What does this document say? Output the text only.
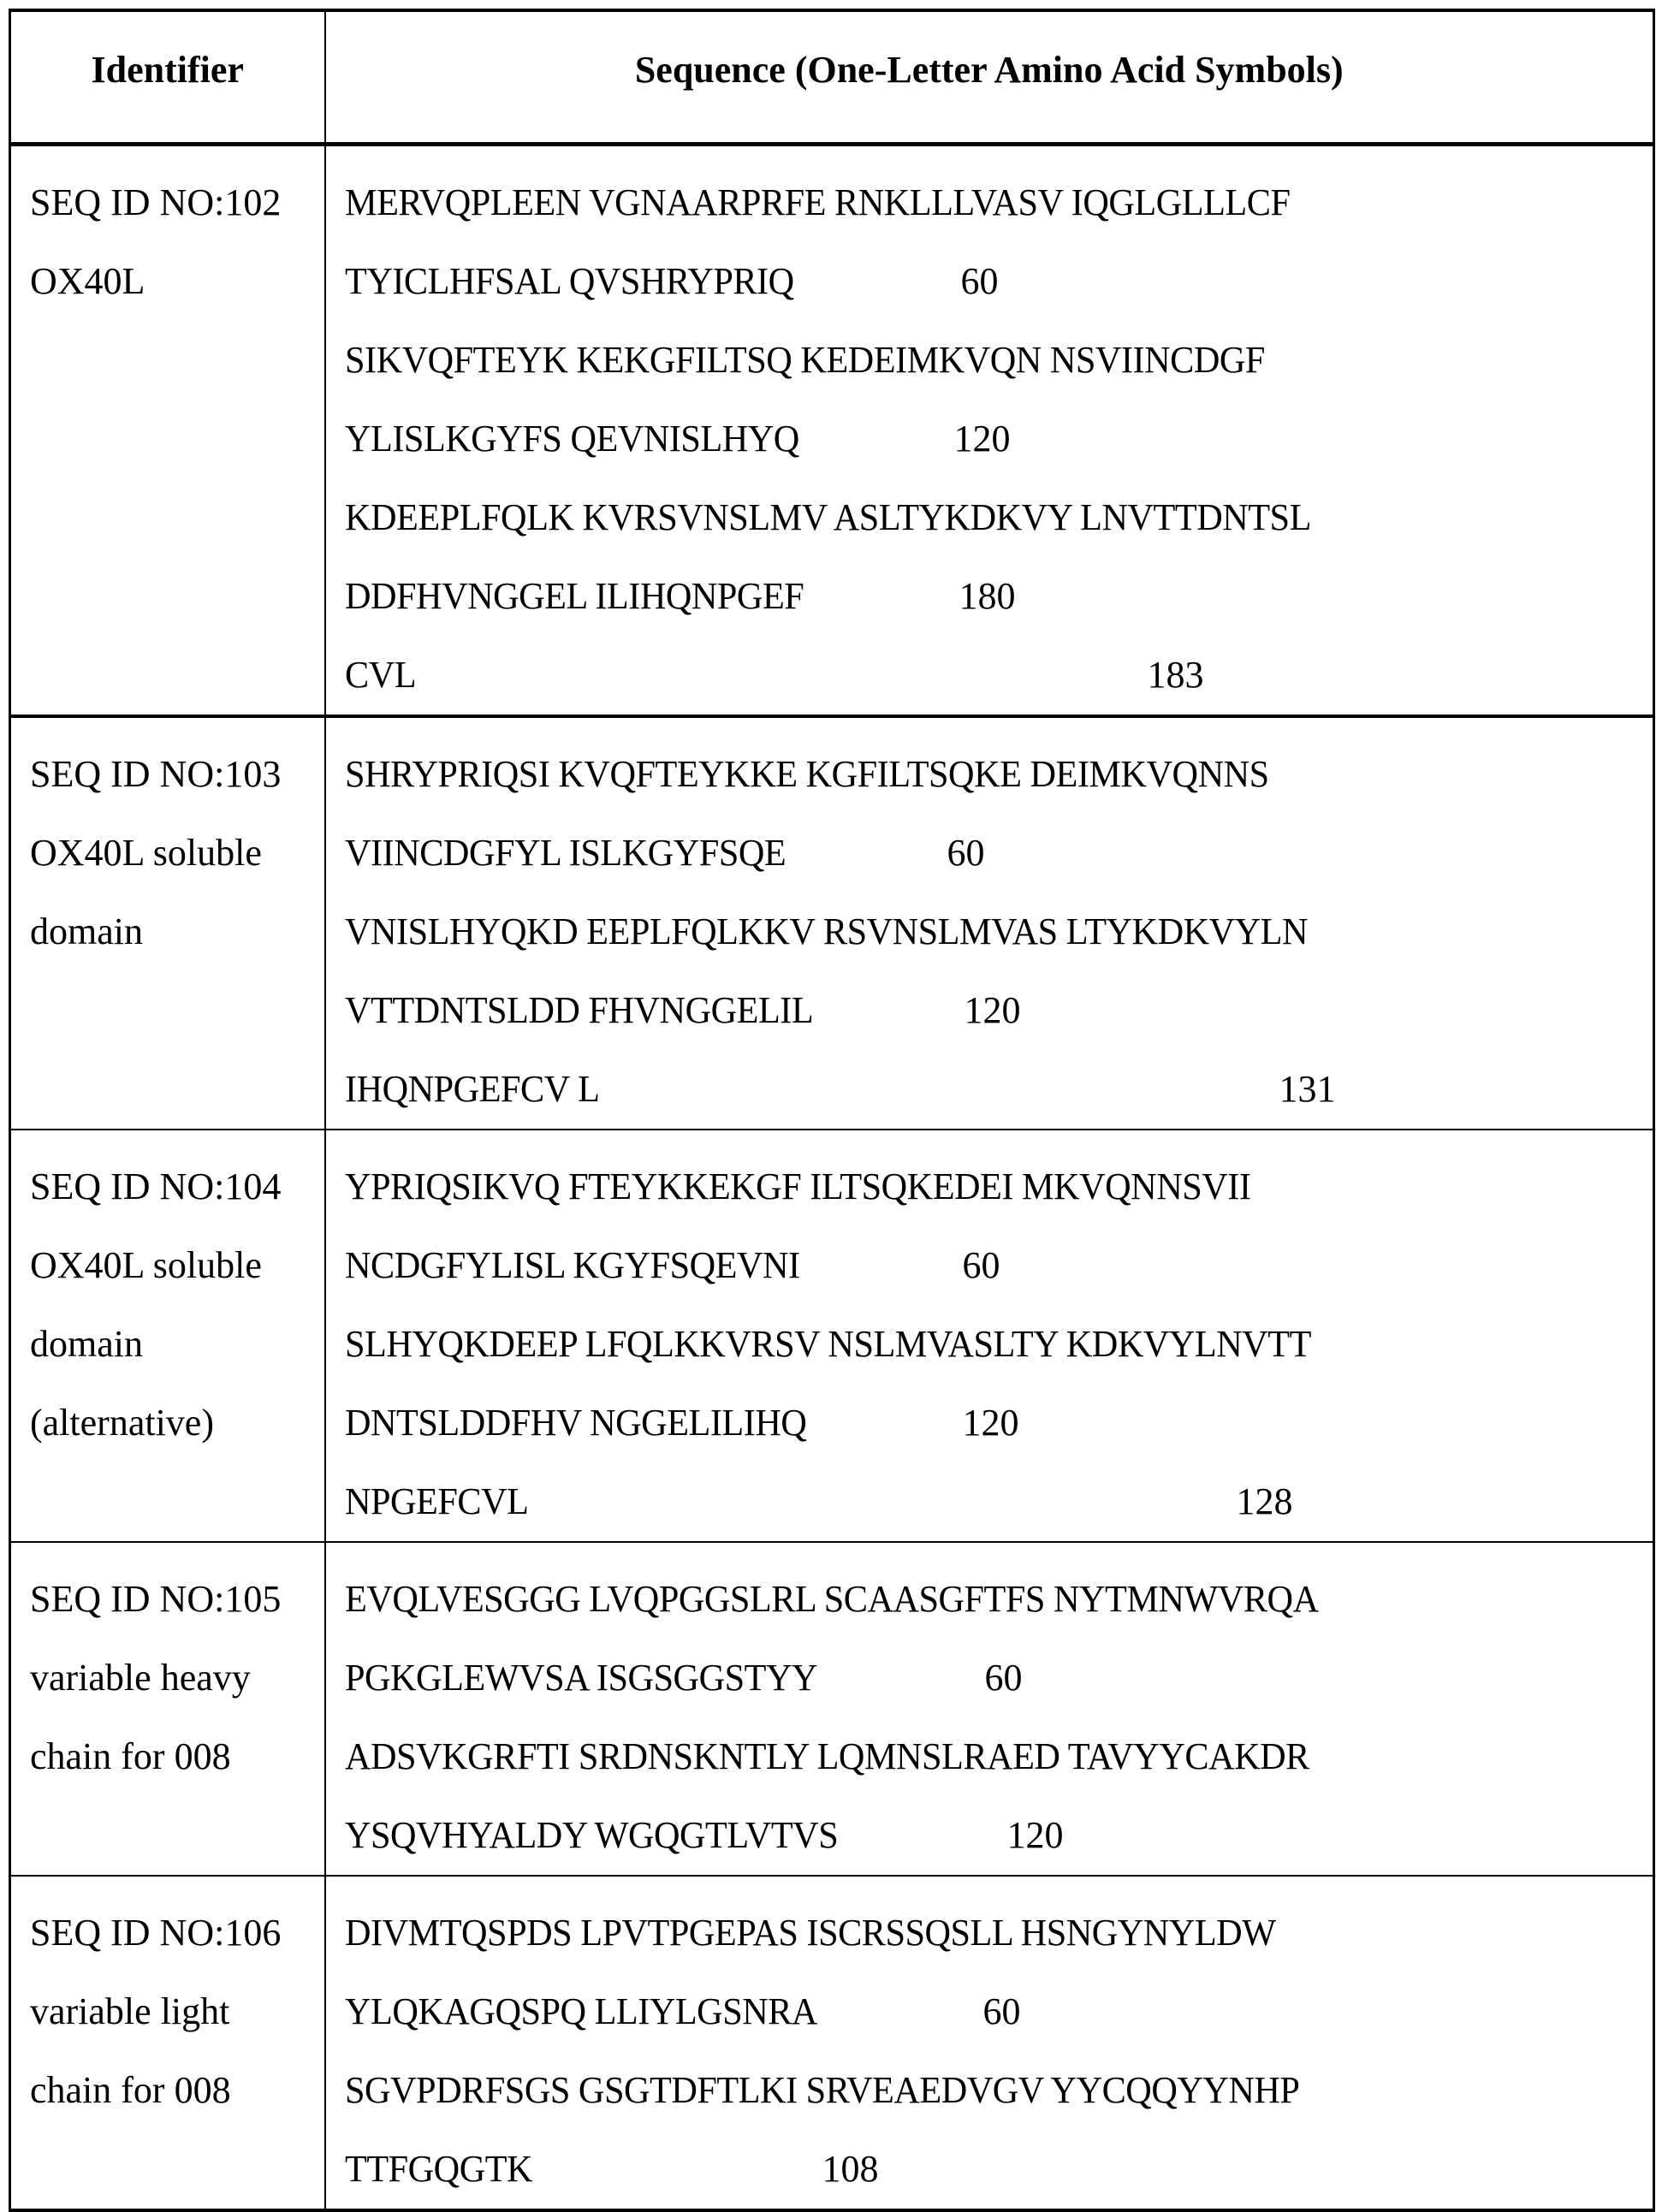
Identifier	Sequence (One-Letter Amino Acid Symbols)

SEQ ID NO:102
OX40L

MERVQPLEEN VGNAARPRFE RNKLLLVASV IQGLGLLLCF
TYICLHFSAL QVSHRYPRIQ	60
SIKVQFTEYK KEKGFILTSQ KEDEIMKVQN NSVIINCDGF
YLISLKGYFS QEVNISLHYQ	120
KDEEPLFQLK KVRSVNSLMV ASLTYKDKVY LNVTTDNTSL
DDFHVNGGEL ILIHQNPGEF	180
CVL	183

SEQ ID NO:103
OX40L soluble
domain

SHRYPRIQSI KVQFTEYKKE KGFILTSQKE DEIMKVQNNS
VIINCDGFYL ISLKGYFSQE	60
VNISLHYQKD EEPLFQLKKV RSVNSLMVAS LTYKDKVYLN
VTTDNTSLDD FHVNGGELIL	120
IHQNPGEFCV L	131

SEQ ID NO:104
OX40L soluble
domain
(alternative)

YPRIQSIKVQ FTEYKKEKGF ILTSQKEDEI MKVQNNSVII
NCDGFYLISL KGYFSQEVNI	60
SLHYQKDEEP LFQLKKVRSV NSLMVASLTY KDKVYLNVTT
DNTSLDDFHV NGGELILIHQ	120
NPGEFCVL	128

SEQ ID NO:105
variable heavy
chain for 008

EVQLVESGGG LVQPGGSLRL SCAASGFTFS NYTMNWVRQA
PGKGLEWVSA ISGSGGSTYY	60
ADSVKGRFTI SRDNSKNTLY LQMNSLRAED TAVYYCAKDR
YSQVHYALDY WGQGTLVTVS	120

SEQ ID NO:106
variable light
chain for 008

DIVMTQSPDS LPVTPGEPAS ISCRSSQSLL HSNGYNYLDW
YLQKAGQSPQ LLIYLGSNRA	60
SGVPDRFSGS GSGTDFTLKI SRVEAEDVGV YYCQQYYNHP
TTFGQGTK	108
